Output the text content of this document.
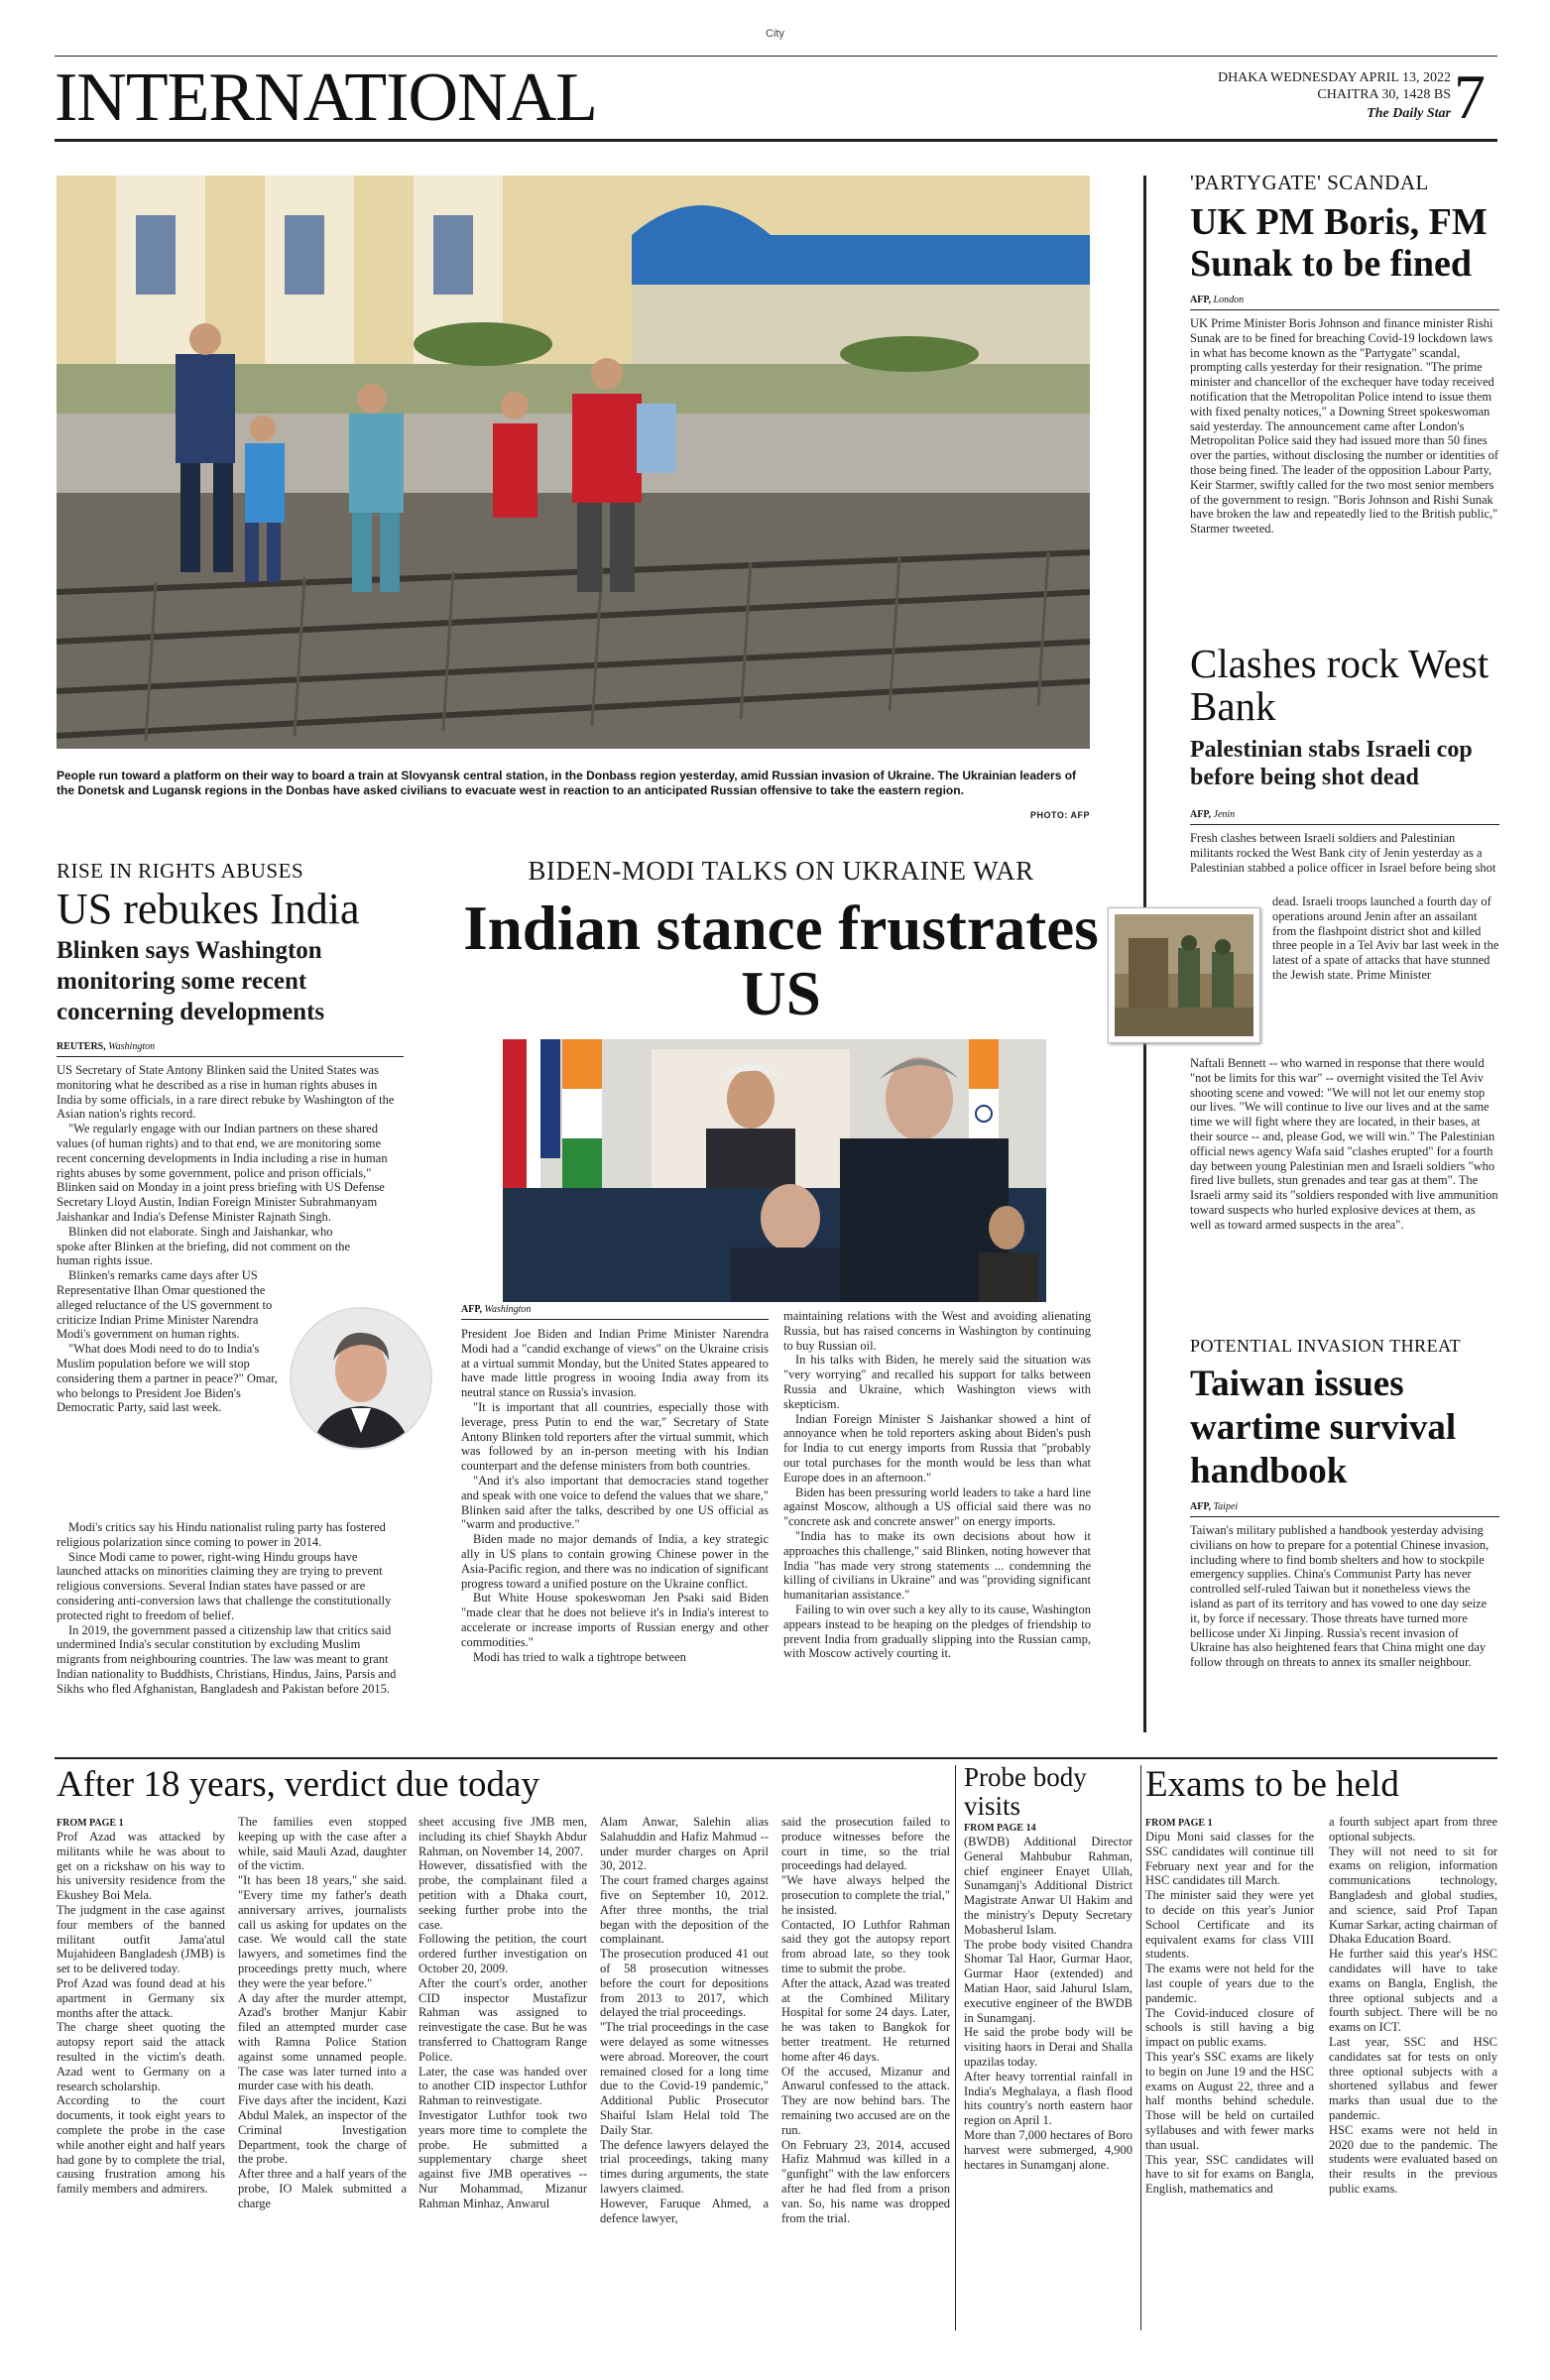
City
INTERNATIONAL	DHAKA WEDNESDAY APRIL 13, 2022
CHAITRA 30, 1428 BS
The Daily Star 7
People run toward a platform on their way to board a train at Slovyansk central station, in the Donbass region yesterday, amid Russian invasion of Ukraine. The Ukrainian leaders of the Donetsk and Lugansk regions in the Donbas have asked civilians to evacuate west in reaction to an anticipated Russian offensive to take the eastern region.
PHOTO: AFP
'PARTYGATE' SCANDAL
UK PM Boris, FM Sunak to be fined
AFP, London
UK Prime Minister Boris Johnson and finance minister Rishi Sunak are to be fined for breaching Covid-19 lockdown laws in what has become known as the "Partygate" scandal, prompting calls yesterday for their resignation. "The prime minister and chancellor of the exchequer have today received notification that the Metropolitan Police intend to issue them with fixed penalty notices," a Downing Street spokeswoman said yesterday. The announcement came after London's Metropolitan Police said they had issued more than 50 fines over the parties, without disclosing the number or identities of those being fined. The leader of the opposition Labour Party, Keir Starmer, swiftly called for the two most senior members of the government to resign. "Boris Johnson and Rishi Sunak have broken the law and repeatedly lied to the British public," Starmer tweeted.
Clashes rock West Bank
Palestinian stabs Israeli cop before being shot dead
AFP, Jenin
Fresh clashes between Israeli soldiers and Palestinian militants rocked the West Bank city of Jenin yesterday as a Palestinian stabbed a police officer in Israel before being shot
dead. Israeli troops launched a fourth day of operations around Jenin after an assailant from the flashpoint district shot and killed three people in a Tel Aviv bar last week in the latest of a spate of attacks that have stunned the Jewish state. Prime Minister
Naftali Bennett -- who warned in response that there would "not be limits for this war" -- overnight visited the Tel Aviv shooting scene and vowed: "We will not let our enemy stop our lives. "We will continue to live our lives and at the same time we will fight where they are located, in their bases, at their source -- and, please God, we will win." The Palestinian official news agency Wafa said "clashes erupted" for a fourth day between young Palestinian men and Israeli soldiers "who fired live bullets, stun grenades and tear gas at them". The Israeli army said its "soldiers responded with live ammunition toward suspects who hurled explosive devices at them, as well as toward armed suspects in the area".
POTENTIAL INVASION THREAT
Taiwan issues wartime survival handbook
AFP, Taipei
Taiwan's military published a handbook yesterday advising civilians on how to prepare for a potential Chinese invasion, including where to find bomb shelters and how to stockpile emergency supplies. China's Communist Party has never controlled self-ruled Taiwan but it nonetheless views the island as part of its territory and has vowed to one day seize it, by force if necessary. Those threats have turned more bellicose under Xi Jinping. Russia's recent invasion of Ukraine has also heightened fears that China might one day follow through on threats to annex its smaller neighbour.
RISE IN RIGHTS ABUSES
US rebukes India
Blinken says Washington monitoring some recent concerning developments
REUTERS, Washington

US Secretary of State Antony Blinken said the United States was monitoring what he described as a rise in human rights abuses in India by some officials, in a rare direct rebuke by Washington of the Asian nation's rights record.

"We regularly engage with our Indian partners on these shared values (of human rights) and to that end, we are monitoring some recent concerning developments in India including a rise in human rights abuses by some government, police and prison officials," Blinken said on Monday in a joint press briefing with US Defense Secretary Lloyd Austin, Indian Foreign Minister Subrahmanyam Jaishankar and India's Defense Minister Rajnath Singh.

Blinken did not elaborate. Singh and Jaishankar, who spoke after Blinken at the briefing, did not comment on the human rights issue.

Blinken's remarks came days after US Representative Ilhan Omar questioned the alleged reluctance of the US government to criticize Indian Prime Minister Narendra Modi's government on human rights.

"What does Modi need to do to India's Muslim population before we will stop considering them a partner in peace?" Omar, who belongs to President Joe Biden's Democratic Party, said last week.

Modi's critics say his Hindu nationalist ruling party has fostered religious polarization since coming to power in 2014.

Since Modi came to power, right-wing Hindu groups have launched attacks on minorities claiming they are trying to prevent religious conversions. Several Indian states have passed or are considering anti-conversion laws that challenge the constitutionally protected right to freedom of belief.

In 2019, the government passed a citizenship law that critics said undermined India's secular constitution by excluding Muslim migrants from neighbouring countries. The law was meant to grant Indian nationality to Buddhists, Christians, Hindus, Jains, Parsis and Sikhs who fled Afghanistan, Bangladesh and Pakistan before 2015.

BIDEN-MODI TALKS ON UKRAINE WAR
Indian stance frustrates US
AFP, Washington

President Joe Biden and Indian Prime Minister Narendra Modi had a "candid exchange of views" on the Ukraine crisis at a virtual summit Monday, but the United States appeared to have made little progress in wooing India away from its neutral stance on Russia's invasion.

"It is important that all countries, especially those with leverage, press Putin to end the war," Secretary of State Antony Blinken told reporters after the virtual summit, which was followed by an in-person meeting with his Indian counterpart and the defense ministers from both countries.

"And it's also important that democracies stand together and speak with one voice to defend the values that we share," Blinken said after the talks, described by one US official as "warm and productive."

Biden made no major demands of India, a key strategic ally in US plans to contain growing Chinese power in the Asia-Pacific region, and there was no indication of significant progress toward a unified posture on the Ukraine conflict.

But White House spokeswoman Jen Psaki said Biden "made clear that he does not believe it's in India's interest to accelerate or increase imports of Russian energy and other commodities."

Modi has tried to walk a tightrope between

maintaining relations with the West and avoiding alienating Russia, but has raised concerns in Washington by continuing to buy Russian oil.

In his talks with Biden, he merely said the situation was "very worrying" and recalled his support for talks between Russia and Ukraine, which Washington views with skepticism.

Indian Foreign Minister S Jaishankar showed a hint of annoyance when he told reporters asking about Biden's push for India to cut energy imports from Russia that "probably our total purchases for the month would be less than what Europe does in an afternoon."

Biden has been pressuring world leaders to take a hard line against Moscow, although a US official said there was no "concrete ask and concrete answer" on energy imports.

"India has to make its own decisions about how it approaches this challenge," said Blinken, noting however that India "has made very strong statements ... condemning the killing of civilians in Ukraine" and was "providing significant humanitarian assistance."

Failing to win over such a key ally to its cause, Washington appears instead to be heaping on the pledges of friendship to prevent India from gradually slipping into the Russian camp, with Moscow actively courting it.

After 18 years, verdict due today
FROM PAGE 1
Prof Azad was attacked by militants while he was about to get on a rickshaw on his way to his university residence from the Ekushey Boi Mela.
The judgment in the case against four members of the banned militant outfit Jama'atul Mujahideen Bangladesh (JMB) is set to be delivered today.
Prof Azad was found dead at his apartment in Germany six months after the attack.
The charge sheet quoting the autopsy report said the attack resulted in the victim's death. Azad went to Germany on a research scholarship.
According to the court documents, it took eight years to complete the probe in the case while another eight and half years had gone by to complete the trial, causing frustration among his family members and admirers.
The families even stopped keeping up with the case after a while, said Mauli Azad, daughter of the victim.
"It has been 18 years," she said. "Every time my father's death anniversary arrives, journalists call us asking for updates on the case. We would call the state lawyers, and sometimes find the proceedings pretty much, where they were the year before."
A day after the murder attempt, Azad's brother Manjur Kabir filed an attempted murder case with Ramna Police Station against some unnamed people. The case was later turned into a murder case with his death.
Five days after the incident, Kazi Abdul Malek, an inspector of the Criminal Investigation Department, took the charge of the probe.
After three and a half years of the probe, IO Malek submitted a charge
sheet accusing five JMB men, including its chief Shaykh Abdur Rahman, on November 14, 2007.
However, dissatisfied with the probe, the complainant filed a petition with a Dhaka court, seeking further probe into the case.
Following the petition, the court ordered further investigation on October 20, 2009.
After the court's order, another CID inspector Mustafizur Rahman was assigned to reinvestigate the case. But he was transferred to Chattogram Range Police.
Later, the case was handed over to another CID inspector Luthfor Rahman to reinvestigate.
Investigator Luthfor took two years more time to complete the probe. He submitted a supplementary charge sheet against five JMB operatives -- Nur Mohammad, Mizanur Rahman Minhaz, Anwarul
Alam Anwar, Salehin alias Salahuddin and Hafiz Mahmud -- under murder charges on April 30, 2012.
The court framed charges against five on September 10, 2012. After three months, the trial began with the deposition of the complainant.
The prosecution produced 41 out of 58 prosecution witnesses before the court for depositions from 2013 to 2017, which delayed the trial proceedings.
"The trial proceedings in the case were delayed as some witnesses were abroad. Moreover, the court remained closed for a long time due to the Covid-19 pandemic," Additional Public Prosecutor Shaiful Islam Helal told The Daily Star.
The defence lawyers delayed the trial proceedings, taking many times during arguments, the state lawyers claimed.
However, Faruque Ahmed, a defence lawyer,
said the prosecution failed to produce witnesses before the court in time, so the trial proceedings had delayed.
"We have always helped the prosecution to complete the trial," he insisted.
Contacted, IO Luthfor Rahman said they got the autopsy report from abroad late, so they took time to submit the probe.
After the attack, Azad was treated at the Combined Military Hospital for some 24 days. Later, he was taken to Bangkok for better treatment. He returned home after 46 days.
Of the accused, Mizanur and Anwarul confessed to the attack. They are now behind bars. The remaining two accused are on the run.
On February 23, 2014, accused Hafiz Mahmud was killed in a "gunfight" with the law enforcers after he had fled from a prison van. So, his name was dropped from the trial.
Probe body visits
FROM PAGE 14
(BWDB) Additional Director General Mahbubur Rahman, chief engineer Enayet Ullah, Sunamganj's Additional District Magistrate Anwar Ul Hakim and the ministry's Deputy Secretary Mobasherul Islam.
The probe body visited Chandra Shomar Tal Haor, Gurmar Haor, Gurmar Haor (extended) and Matian Haor, said Jahurul Islam, executive engineer of the BWDB in Sunamganj.
He said the probe body will be visiting haors in Derai and Shalla upazilas today.
After heavy torrential rainfall in India's Meghalaya, a flash flood hits country's north eastern haor region on April 1.
More than 7,000 hectares of Boro harvest were submerged, 4,900 hectares in Sunamganj alone.
Exams to be held
FROM PAGE 1
Dipu Moni said classes for the SSC candidates will continue till February next year and for the HSC candidates till March.
The minister said they were yet to decide on this year's Junior School Certificate and its equivalent exams for class VIII students.
The exams were not held for the last couple of years due to the pandemic.
The Covid-induced closure of schools is still having a big impact on public exams.
This year's SSC exams are likely to begin on June 19 and the HSC exams on August 22, three and a half months behind schedule. Those will be held on curtailed syllabuses and with fewer marks than usual.
This year, SSC candidates will have to sit for exams on Bangla, English, mathematics and
a fourth subject apart from three optional subjects.
They will not need to sit for exams on religion, information communications technology, Bangladesh and global studies, and science, said Prof Tapan Kumar Sarkar, acting chairman of Dhaka Education Board.
He further said this year's HSC candidates will have to take exams on Bangla, English, the three optional subjects and a fourth subject. There will be no exams on ICT.
Last year, SSC and HSC candidates sat for tests on only three optional subjects with a shortened syllabus and fewer marks than usual due to the pandemic.
HSC exams were not held in 2020 due to the pandemic. The students were evaluated based on their results in the previous public exams.
